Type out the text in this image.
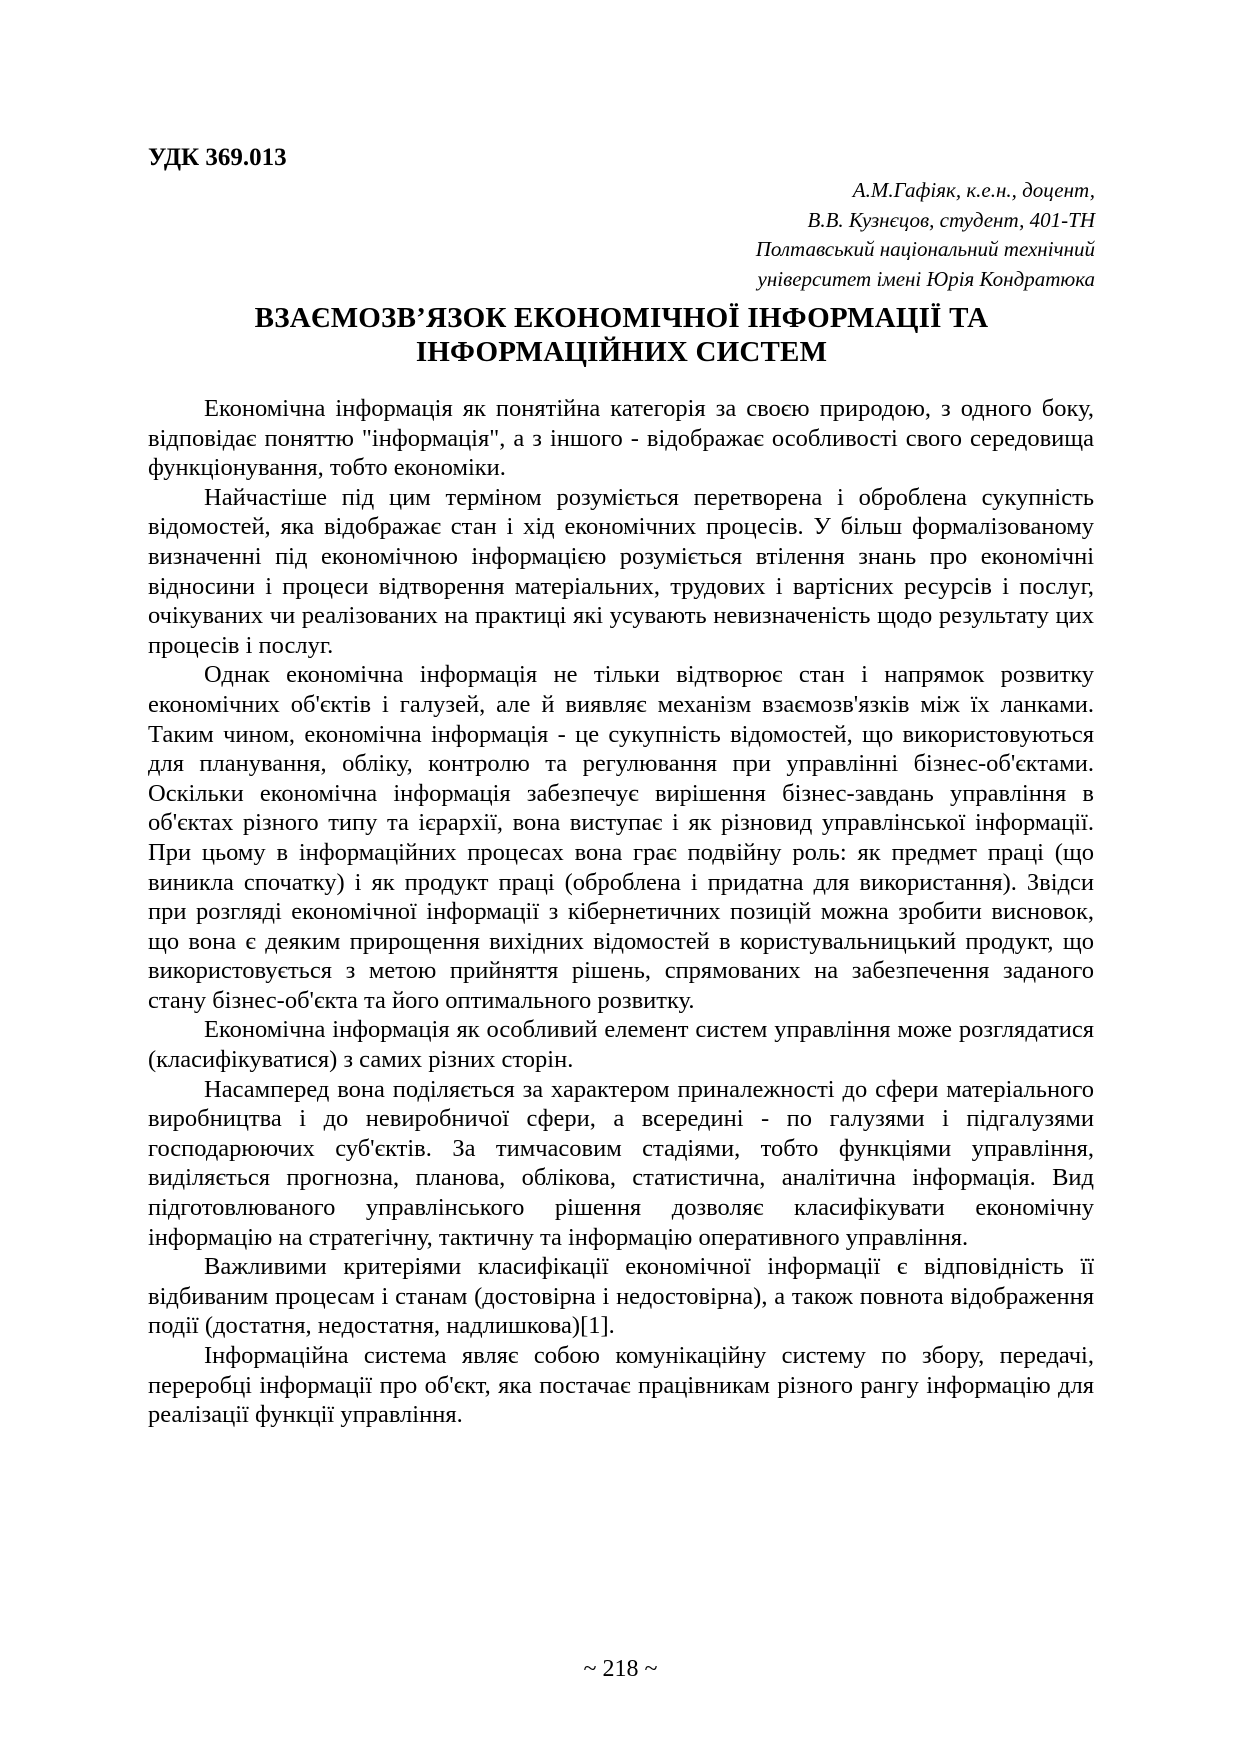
УДК 369.013
А.М.Гафіяк, к.е.н., доцент,
В.В. Кузнєцов, студент, 401-ТН
Полтавський національний технічний
університет імені Юрія Кондратюка
ВЗАЄМОЗВ’ЯЗОК ЕКОНОМІЧНОЇ ІНФОРМАЦІЇ ТА
ІНФОРМАЦІЙНИХ СИСТЕМ

Економічна інформація як понятійна категорія за своєю природою, з одного боку, відповідає поняттю "інформація", а з іншого - відображає особливості свого середовища функціонування, тобто економіки.

Найчастіше під цим терміном розуміється перетворена і оброблена сукупність відомостей, яка відображає стан і хід економічних процесів. У більш формалізованому визначенні під економічною інформацією розуміється втілення знань про економічні відносини і процеси відтворення матеріальних, трудових і вартісних ресурсів і послуг, очікуваних чи реалізованих на практиці які усувають невизначеність щодо результату цих процесів і послуг.

Однак економічна інформація не тільки відтворює стан і напрямок розвитку економічних об'єктів і галузей, але й виявляє механізм взаємозв'язків між їх ланками. Таким чином, економічна інформація - це сукупність відомостей, що використовуються для планування, обліку, контролю та регулювання при управлінні бізнес-об'єктами. Оскільки економічна інформація забезпечує вирішення бізнес-завдань управління в об'єктах різного типу та ієрархії, вона виступає і як різновид управлінської інформації. При цьому в інформаційних процесах вона грає подвійну роль: як предмет праці (що виникла спочатку) і як продукт праці (оброблена і придатна для використання). Звідси при розгляді економічної інформації з кібернетичних позицій можна зробити висновок, що вона є деяким прирощення вихідних відомостей в користувальницький продукт, що використовується з метою прийняття рішень, спрямованих на забезпечення заданого стану бізнес-об'єкта та його оптимального розвитку.

Економічна інформація як особливий елемент систем управління може розглядатися (класифікуватися) з самих різних сторін.

Насамперед вона поділяється за характером приналежності до сфери матеріального виробництва і до невиробничої сфери, а всередині - по галузями і підгалузями господарюючих суб'єктів. За тимчасовим стадіями, тобто функціями управління, виділяється прогнозна, планова, облікова, статистична, аналітична інформація. Вид підготовлюваного управлінського рішення дозволяє класифікувати економічну інформацію на стратегічну, тактичну та інформацію оперативного управління.

Важливими критеріями класифікації економічної інформації є відповідність її відбиваним процесам і станам (достовірна і недостовірна), а також повнота відображення події (достатня, недостатня, надлишкова)[1].

Інформаційна система являє собою комунікаційну систему по збору, передачі, переробці інформації про об'єкт, яка постачає працівникам різного рангу інформацію для реалізації функції управління.

~ 218 ~
